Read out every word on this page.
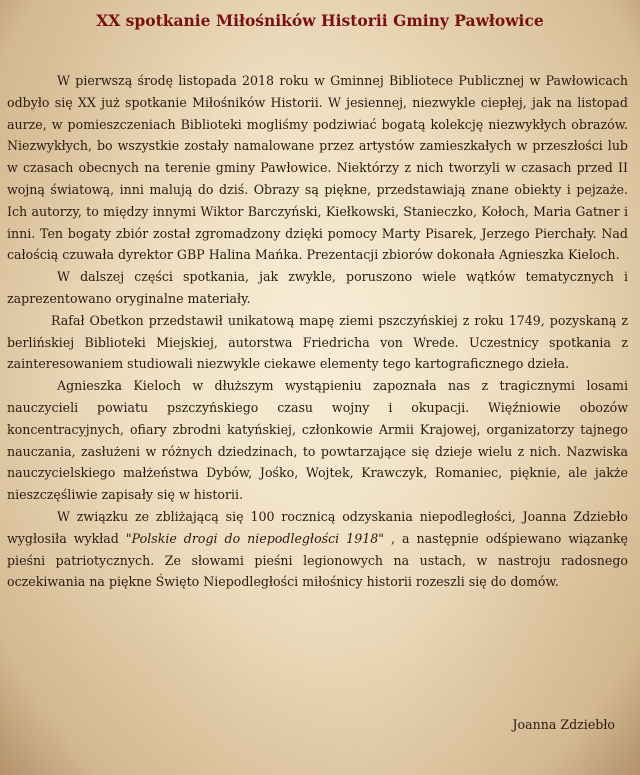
XX spotkanie Miłośników Historii Gminy Pawłowice

W pierwszą środę listopada 2018 roku w Gminnej Bibliotece Publicznej w Pawłowicach odbyło się XX już spotkanie Miłośników Historii. W jesiennej, niezwykle ciepłej, jak na listopad aurze, w pomieszczeniach Biblioteki mogliśmy podziwiać bogatą kolekcję niezwykłych obrazów. Niezwykłych, bo wszystkie zostały namalowane przez artystów zamieszkałych w przeszłości lub w czasach obecnych na terenie gminy Pawłowice. Niektórzy z nich tworzyli w czasach przed II wojną światową, inni malują do dziś. Obrazy są piękne, przedstawiają znane obiekty i pejzaże. Ich autorzy, to między innymi Wiktor Barczyński, Kiełkowski, Stanieczko, Kołoch, Maria Gatner i inni. Ten bogaty zbiór został zgromadzony dzięki pomocy Marty Pisarek, Jerzego Pierchały. Nad całością czuwała dyrektor GBP Halina Mańka. Prezentacji zbiorów dokonała Agnieszka Kieloch.

W dalszej części spotkania, jak zwykle, poruszono wiele wątków tematycznych i zaprezentowano oryginalne materiały.

Rafał Obetkon przedstawił unikatową mapę ziemi pszczyńskiej z roku 1749, pozyskaną z berlińskiej Biblioteki Miejskiej, autorstwa Friedricha von Wrede. Uczestnicy spotkania z zainteresowaniem studiowali niezwykle ciekawe elementy tego kartograficznego dzieła.

Agnieszka Kieloch w dłuższym wystąpieniu zapoznała nas z tragicznymi losami nauczycieli powiatu pszczyńskiego czasu wojny i okupacji. Więźniowie obozów koncentracyjnych, ofiary zbrodni katyńskiej, członkowie Armii Krajowej, organizatorzy tajnego nauczania, zasłużeni w różnych dziedzinach, to powtarzające się dzieje wielu z nich. Nazwiska nauczycielskiego małżeństwa Dybów, Jośko, Wojtek, Krawczyk, Romaniec, pięknie, ale jakże nieszczęśliwie zapisały się w historii.

W związku ze zbliżającą się 100 rocznicą odzyskania niepodległości, Joanna Zdziebło wygłosiła wykład "Polskie drogi do niepodległości 1918" , a następnie odśpiewano wiązankę pieśni patriotycznych. Ze słowami pieśni legionowych na ustach, w nastroju radosnego oczekiwania na piękne Święto Niepodległości miłośnicy historii rozeszli się do domów.

Joanna Zdziebło
